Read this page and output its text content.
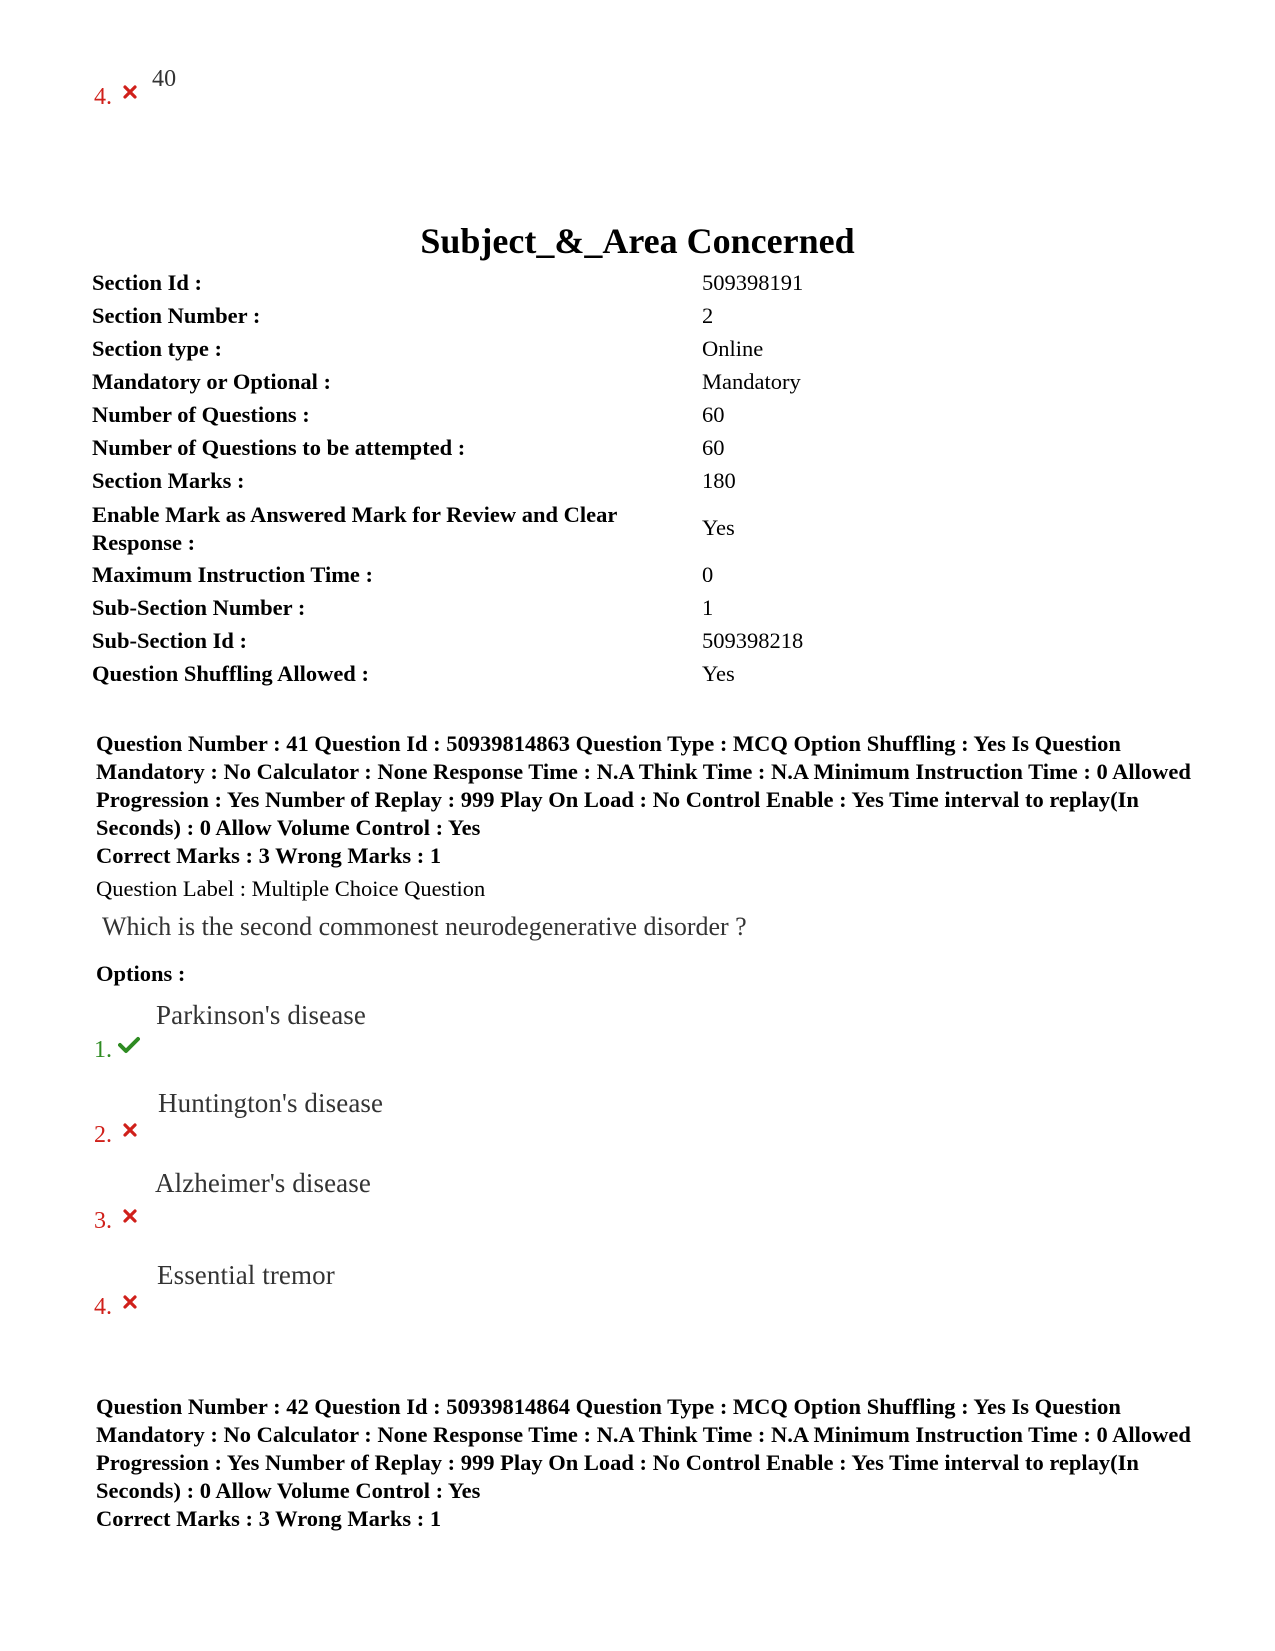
4.
40
Subject_&_Area Concerned
Section Id :	509398191
Section Number :	2
Section type :	Online
Mandatory or Optional :	Mandatory
Number of Questions :	60
Number of Questions to be attempted :	60
Section Marks :	180
Enable Mark as Answered Mark for Review and Clear Response :
Yes
Maximum Instruction Time :	0
Sub-Section Number :	1
Sub-Section Id :	509398218
Question Shuffling Allowed :	Yes
Question Number : 41 Question Id : 50939814863 Question Type : MCQ Option Shuffling : Yes Is Question Mandatory : No Calculator : None Response Time : N.A Think Time : N.A Minimum Instruction Time : 0 Allowed Progression : Yes Number of Replay : 999 Play On Load : No Control Enable : Yes Time interval to replay(In Seconds) : 0 Allow Volume Control : Yes
Correct Marks : 3 Wrong Marks : 1
Question Label : Multiple Choice Question
Which is the second commonest neurodegenerative disorder ?
Options :
1.
Parkinson's disease
2.
Huntington's disease
3.
Alzheimer's disease
4.
Essential tremor
Question Number : 42 Question Id : 50939814864 Question Type : MCQ Option Shuffling : Yes Is Question Mandatory : No Calculator : None Response Time : N.A Think Time : N.A Minimum Instruction Time : 0 Allowed Progression : Yes Number of Replay : 999 Play On Load : No Control Enable : Yes Time interval to replay(In Seconds) : 0 Allow Volume Control : Yes
Correct Marks : 3 Wrong Marks : 1
